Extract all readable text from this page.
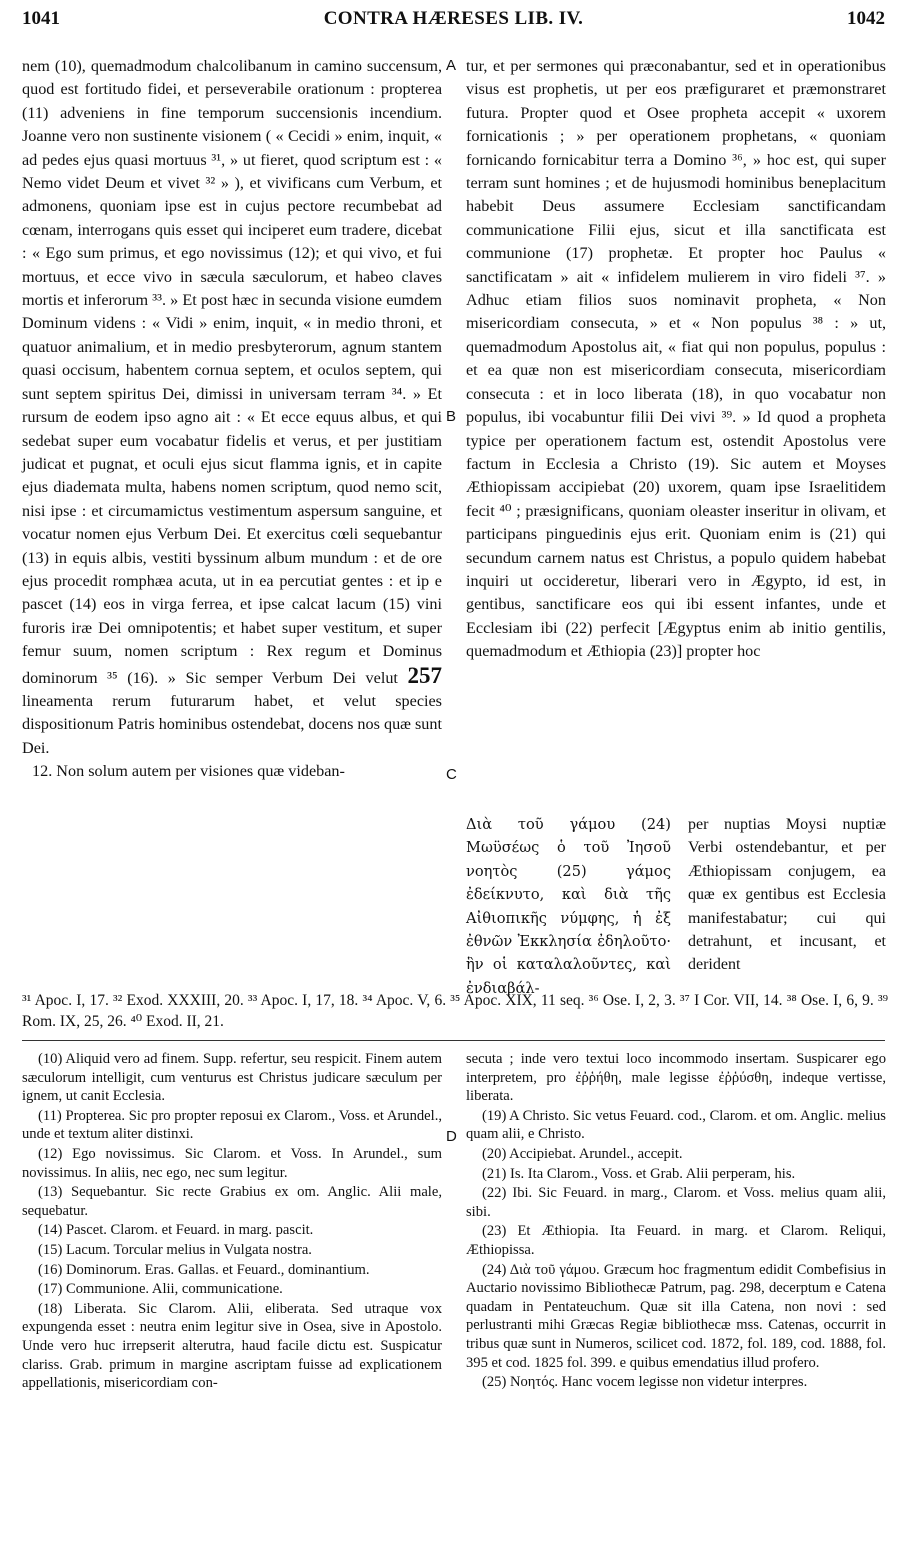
1041	CONTRA HÆRESES LIB. IV.	1042
A
B
C
D

nem (10), quemadmodum chalcolibanum in camino succensum, quod est fortitudo fidei, et perseverabile orationum : propterea (11) adveniens in fine temporum succensionis incendium. Joanne vero non sustinente visionem ( « Cecidi » enim, inquit, « ad pedes ejus quasi mortuus ³¹, » ut fieret, quod scriptum est : « Nemo videt Deum et vivet ³² » ), et vivificans cum Verbum, et admonens, quoniam ipse est in cujus pectore recumbebat ad cœnam, interrogans quis esset qui inciperet eum tradere, dicebat : « Ego sum primus, et ego novissimus (12); et qui vivo, et fui mortuus, et ecce vivo in sæcula sæculorum, et habeo claves mortis et inferorum ³³. » Et post hæc in secunda visione eumdem Dominum videns : « Vidi » enim, inquit, « in medio throni, et quatuor animalium, et in medio presbyterorum, agnum stantem quasi occisum, habentem cornua septem, et oculos septem, qui sunt septem spiritus Dei, dimissi in universam terram ³⁴. » Et rursum de eodem ipso agno ait : « Et ecce equus albus, et qui sedebat super eum vocabatur fidelis et verus, et per justitiam judicat et pugnat, et oculi ejus sicut flamma ignis, et in capite ejus diademata multa, habens nomen scriptum, quod nemo scit, nisi ipse : et circumamictus vestimentum aspersum sanguine, et vocatur nomen ejus Verbum Dei. Et exercitus cœli sequebantur (13) in equis albis, vestiti byssinum album mundum : et de ore ejus procedit romphæa acuta, ut in ea percutiat gentes : et ip e pascet (14) eos in virga ferrea, et ipse calcat lacum (15) vini furoris iræ Dei omnipotentis; et habet super vestitum, et super femur suum, nomen scriptum : Rex regum et Dominus dominorum ³⁵ (16). » Sic semper Verbum Dei velut 257 lineamenta rerum futurarum habet, et velut species dispositionum Patris hominibus ostendebat, docens nos quæ sunt Dei.

12. Non solum autem per visiones quæ videban-

tur, et per sermones qui præconabantur, sed et in operationibus visus est prophetis, ut per eos præfiguraret et præmonstraret futura. Propter quod et Osee propheta accepit « uxorem fornicationis ; » per operationem prophetans, « quoniam fornicando fornicabitur terra a Domino ³⁶, » hoc est, qui super terram sunt homines ; et de hujusmodi hominibus beneplacitum habebit Deus assumere Ecclesiam sanctificandam communicatione Filii ejus, sicut et illa sanctificata est communione (17) prophetæ. Et propter hoc Paulus « sanctificatam » ait « infidelem mulierem in viro fideli ³⁷. » Adhuc etiam filios suos nominavit propheta, « Non misericordiam consecuta, » et « Non populus ³⁸ : » ut, quemadmodum Apostolus ait, « fiat qui non populus, populus : et ea quæ non est misericordiam consecuta, misericordiam consecuta : et in loco liberata (18), in quo vocabatur non populus, ibi vocabuntur filii Dei vivi ³⁹. » Id quod a propheta typice per operationem factum est, ostendit Apostolus vere factum in Ecclesia a Christo (19). Sic autem et Moyses Æthiopissam accipiebat (20) uxorem, quam ipse Israelitidem fecit ⁴⁰ ; præsignificans, quoniam oleaster inseritur in olivam, et participans pinguedinis ejus erit. Quoniam enim is (21) qui secundum carnem natus est Christus, a populo quidem habebat inquiri ut occideretur, liberari vero in Ægypto, id est, in gentibus, sanctificare eos qui ibi essent infantes, unde et Ecclesiam ibi (22) perfecit [Ægyptus enim ab initio gentilis, quemadmodum et Æthiopia (23)] propter hoc

Διὰ τοῦ γάμου (24) Μωϋσέως ὁ τοῦ Ἰησοῦ νοητὸς (25) γάμος ἐδείκνυτο, καὶ διὰ τῆς Αἰθιοπικῆς νύμφης, ἡ ἐξ ἐθνῶν Ἐκκλησία ἐδηλοῦτο· ἣν οἱ καταλαλοῦντες, καὶ ἐνδιαβάλ-

per nuptias Moysi nuptiæ Verbi ostendebantur, et per Æthiopissam conjugem, ea quæ ex gentibus est Ecclesia manifestabatur; cui qui detrahunt, et incusant, et derident

³¹ Apoc. I, 17. ³² Exod. XXXIII, 20. ³³ Apoc. I, 17, 18. ³⁴ Apoc. V, 6. ³⁵ Apoc. XIX, 11 seq. ³⁶ Ose. I, 2, 3. ³⁷ I Cor. VII, 14. ³⁸ Ose. I, 6, 9. ³⁹ Rom. IX, 25, 26. ⁴⁰ Exod. II, 21.

(10) Aliquid vero ad finem. Supp. refertur, seu respicit. Finem autem sæculorum intelligit, cum venturus est Christus judicare sæculum per ignem, ut canit Ecclesia.

(11) Propterea. Sic pro propter reposui ex Clarom., Voss. et Arundel., unde et textum aliter distinxi.

(12) Ego novissimus. Sic Clarom. et Voss. In Arundel., sum novissimus. In aliis, nec ego, nec sum legitur.

(13) Sequebantur. Sic recte Grabius ex om. Anglic. Alii male, sequebatur.

(14) Pascet. Clarom. et Feuard. in marg. pascit.

(15) Lacum. Torcular melius in Vulgata nostra.

(16) Dominorum. Eras. Gallas. et Feuard., dominantium.

(17) Communione. Alii, communicatione.

(18) Liberata. Sic Clarom. Alii, eliberata. Sed utraque vox expungenda esset : neutra enim legitur sive in Osea, sive in Apostolo. Unde vero huc irrepserit alterutra, haud facile dictu est. Suspicatur clariss. Grab. primum in margine ascriptam fuisse ad explicationem appellationis, misericordiam con-

secuta ; inde vero textui loco incommodo insertam. Suspicarer ego interpretem, pro ἐῤῥήθη, male legisse ἐῤῥύσθη, indeque vertisse, liberata.

(19) A Christo. Sic vetus Feuard. cod., Clarom. et om. Anglic. melius quam alii, e Christo.

(20) Accipiebat. Arundel., accepit.

(21) Is. Ita Clarom., Voss. et Grab. Alii perperam, his.

(22) Ibi. Sic Feuard. in marg., Clarom. et Voss. melius quam alii, sibi.

(23) Et Æthiopia. Ita Feuard. in marg. et Clarom. Reliqui, Æthiopissa.

(24) Διὰ τοῦ γάμου. Græcum hoc fragmentum edidit Combefisius in Auctario novissimo Bibliothecæ Patrum, pag. 298, decerptum e Catena quadam in Pentateuchum. Quæ sit illa Catena, non novi : sed perlustranti mihi Græcas Regiæ bibliothecæ mss. Catenas, occurrit in tribus quæ sunt in Numeros, scilicet cod. 1872, fol. 189, cod. 1888, fol. 395 et cod. 1825 fol. 399. e quibus emendatius illud profero.

(25) Νοητός. Hanc vocem legisse non videtur interpres.
